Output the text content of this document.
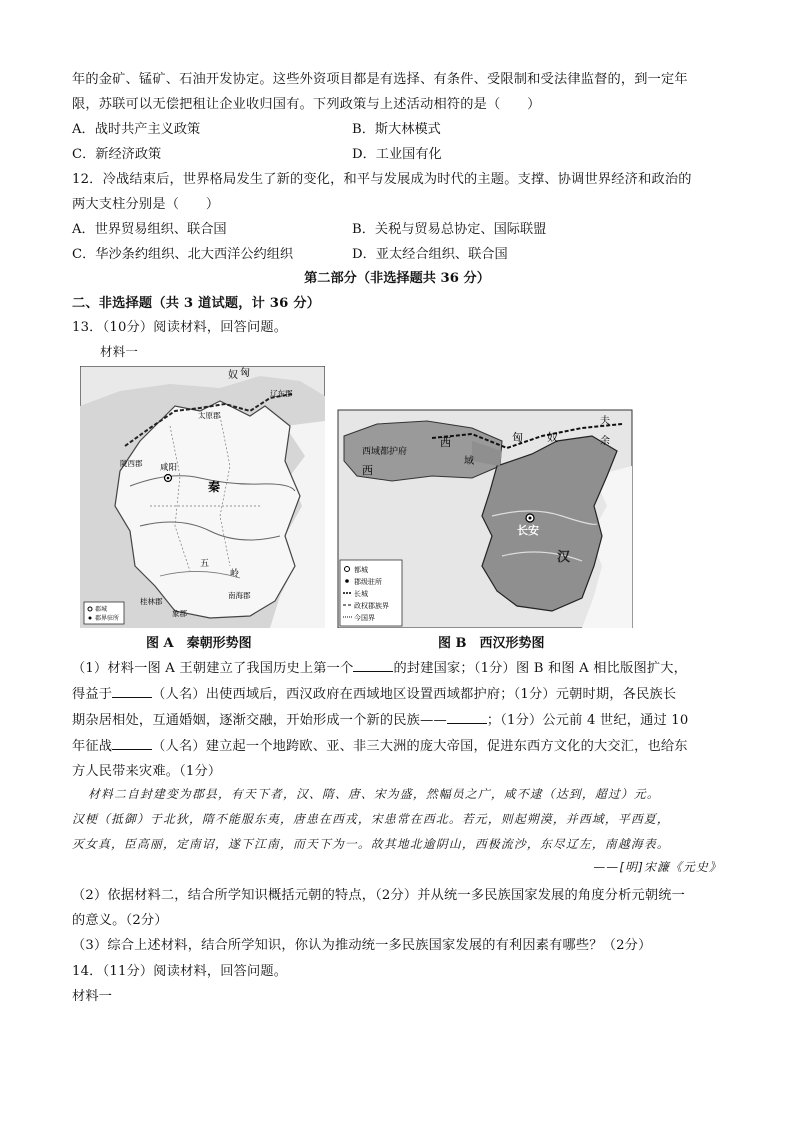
年的金矿、锰矿、石油开发协定。这些外资项目都是有选择、有条件、受限制和受法律监督的，到一定年
限，苏联可以无偿把租让企业收归国有。下列政策与上述活动相符的是（　　）
A．战时共产主义政策	B．斯大林模式
C．新经济政策	D．工业国有化
12．冷战结束后，世界格局发生了新的变化，和平与发展成为时代的主题。支撑、协调世界经济和政治的
两大支柱分别是（　　）
A．世界贸易组织、联合国	B．关税与贸易总协定、国际联盟
C．华沙条约组织、北大西洋公约组织	D．亚太经合组织、联合国
第二部分（非选择题共 36 分）
二、非选择题（共 3 道试题，计 36 分）
13．（10分）阅读材料，回答问题。
材料一
匈
奴
辽东郡
太原郡
陇西郡 咸阳
秦
五
岭
桂林郡
南海郡
象郡
郡城
郡界驻所
匈 奴
夫
余
西域都护府
西
西
域
长安
汉
都城
郡级驻所
长城
政权郡族界
今国界
图 A　秦朝形势图	图 B　西汉形势图
（1）材料一图 A 王朝建立了我国历史上第一个	的封建国家；（1分）图 B 和图 A 相比版图扩大，
得益于	（人名）出使西域后，西汉政府在西域地区设置西域都护府；（1分）元朝时期，各民族长
期杂居相处，互通婚姻，逐渐交融，开始形成一个新的民族——	；（1分）公元前 4 世纪，通过 10
年征战	（人名）建立起一个地跨欧、亚、非三大洲的庞大帝国，促进东西方文化的大交汇，也给东
方人民带来灾难。（1分）
材料二自封建变为郡县，有天下者，汉、隋、唐、宋为盛，然幅员之广，咸不逮（达到，超过）元。
汉梗（抵御）于北狄，隋不能服东夷，唐患在西戎，宋患常在西北。若元，则起朔漠，并西域，平西夏，
灭女真，臣高丽，定南诏，遂下江南，而天下为一。故其地北逾阴山，西极流沙，东尽辽左，南越海表。
——[明]宋濂《元史》
（2）依据材料二，结合所学知识概括元朝的特点，（2分）并从统一多民族国家发展的角度分析元朝统一
的意义。（2分）
（3）综合上述材料，结合所学知识，你认为推动统一多民族国家发展的有利因素有哪些？（2分）
14．（11分）阅读材料，回答问题。
材料一
